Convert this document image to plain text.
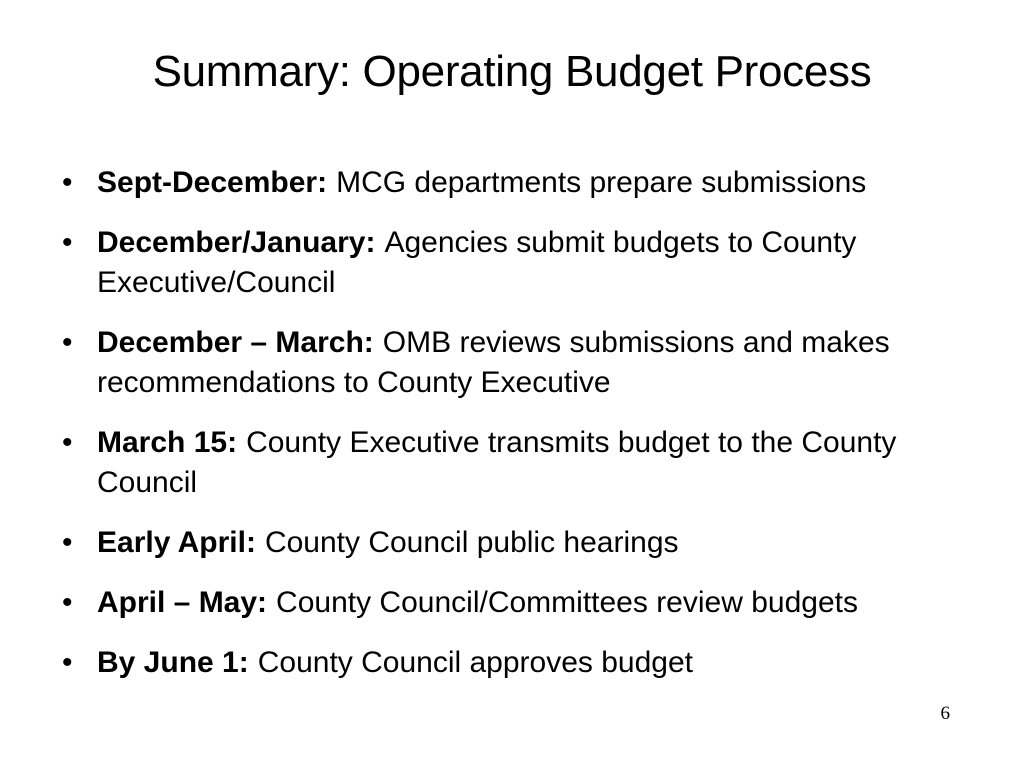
Summary: Operating Budget Process
• Sept-December: MCG departments prepare submissions
• December/January: Agencies submit budgets to County Executive/Council
• December – March: OMB reviews submissions and makes recommendations to County Executive
• March 15: County Executive transmits budget to the County Council
• Early April: County Council public hearings
• April – May: County Council/Committees review budgets
• By June 1: County Council approves budget
6
